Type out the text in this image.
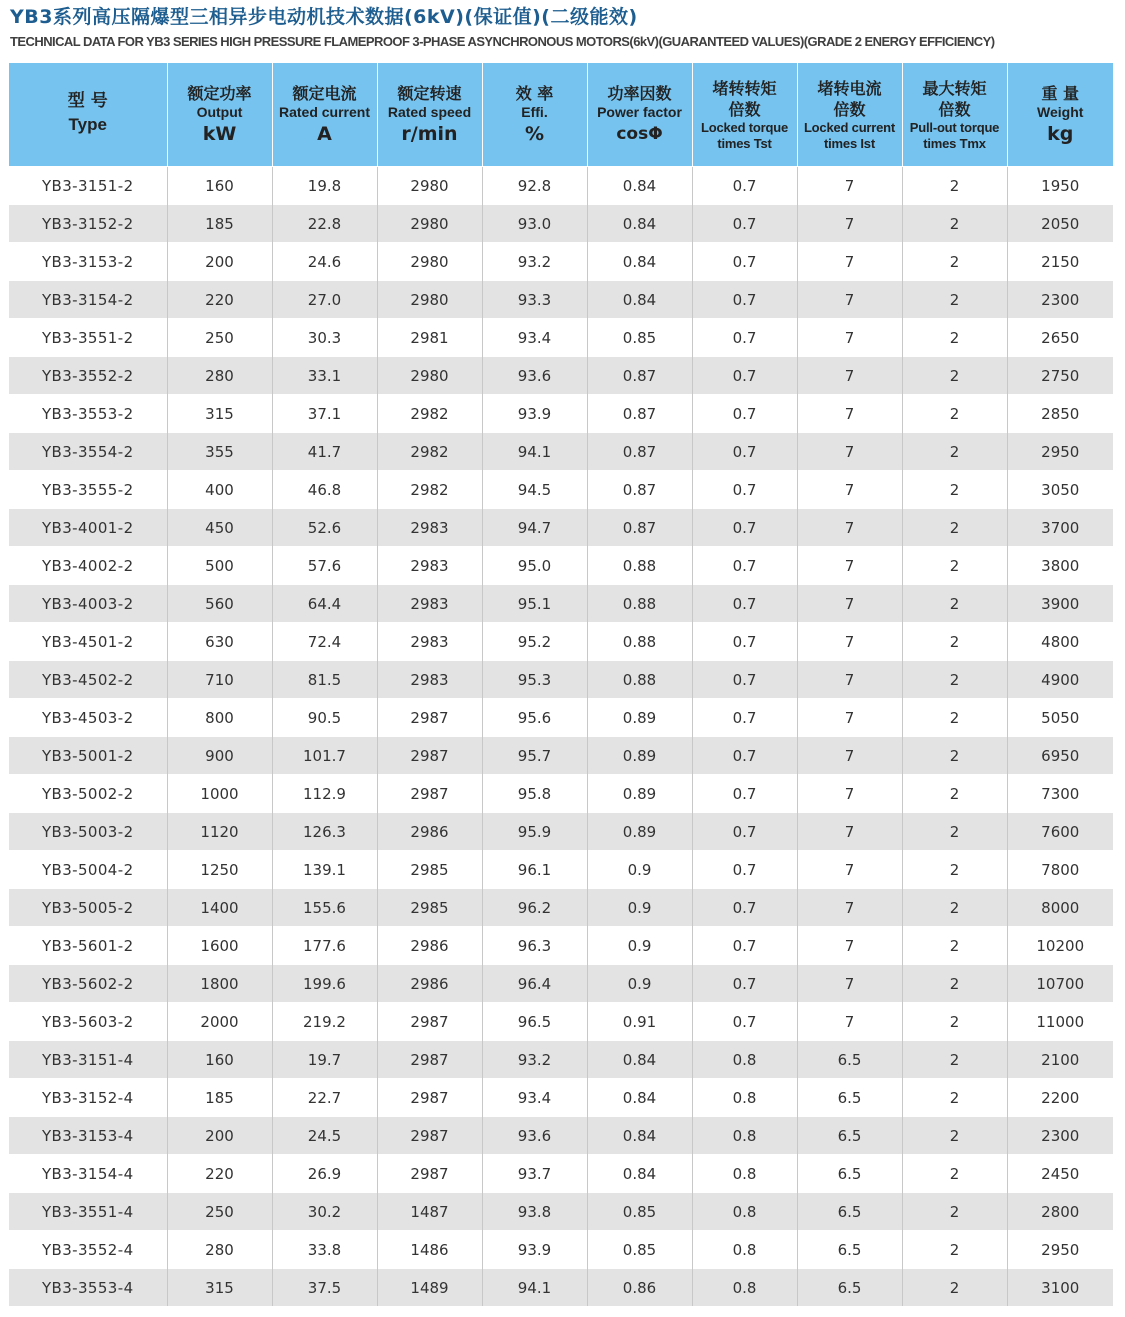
YB3系列高压隔爆型三相异步电动机技术数据(6kV)(保证值)(二级能效)
TECHNICAL DATA FOR YB3 SERIES HIGH PRESSURE FLAMEPROOF 3-PHASE ASYNCHRONOUS MOTORS(6kV)(GUARANTEED VALUES)(GRADE 2 ENERGY EFFICIENCY)
型 号
Type	额定功率
Output
kW	额定电流
Rated current
A	额定转速
Rated speed
r/min	效 率
Effi.
%	功率因数
Power factor
cosΦ	堵转转矩
倍数
Locked torque
times Tst	堵转电流
倍数
Locked current
times Ist	最大转矩
倍数
Pull-out torque
times Tmx	重 量
Weight
kg

YB3-3151-2	160	19.8	2980	92.8	0.84	0.7	7	2	1950
YB3-3152-2	185	22.8	2980	93.0	0.84	0.7	7	2	2050
YB3-3153-2	200	24.6	2980	93.2	0.84	0.7	7	2	2150
YB3-3154-2	220	27.0	2980	93.3	0.84	0.7	7	2	2300
YB3-3551-2	250	30.3	2981	93.4	0.85	0.7	7	2	2650
YB3-3552-2	280	33.1	2980	93.6	0.87	0.7	7	2	2750
YB3-3553-2	315	37.1	2982	93.9	0.87	0.7	7	2	2850
YB3-3554-2	355	41.7	2982	94.1	0.87	0.7	7	2	2950
YB3-3555-2	400	46.8	2982	94.5	0.87	0.7	7	2	3050
YB3-4001-2	450	52.6	2983	94.7	0.87	0.7	7	2	3700
YB3-4002-2	500	57.6	2983	95.0	0.88	0.7	7	2	3800
YB3-4003-2	560	64.4	2983	95.1	0.88	0.7	7	2	3900
YB3-4501-2	630	72.4	2983	95.2	0.88	0.7	7	2	4800
YB3-4502-2	710	81.5	2983	95.3	0.88	0.7	7	2	4900
YB3-4503-2	800	90.5	2987	95.6	0.89	0.7	7	2	5050
YB3-5001-2	900	101.7	2987	95.7	0.89	0.7	7	2	6950
YB3-5002-2	1000	112.9	2987	95.8	0.89	0.7	7	2	7300
YB3-5003-2	1120	126.3	2986	95.9	0.89	0.7	7	2	7600
YB3-5004-2	1250	139.1	2985	96.1	0.9	0.7	7	2	7800
YB3-5005-2	1400	155.6	2985	96.2	0.9	0.7	7	2	8000
YB3-5601-2	1600	177.6	2986	96.3	0.9	0.7	7	2	10200
YB3-5602-2	1800	199.6	2986	96.4	0.9	0.7	7	2	10700
YB3-5603-2	2000	219.2	2987	96.5	0.91	0.7	7	2	11000
YB3-3151-4	160	19.7	2987	93.2	0.84	0.8	6.5	2	2100
YB3-3152-4	185	22.7	2987	93.4	0.84	0.8	6.5	2	2200
YB3-3153-4	200	24.5	2987	93.6	0.84	0.8	6.5	2	2300
YB3-3154-4	220	26.9	2987	93.7	0.84	0.8	6.5	2	2450
YB3-3551-4	250	30.2	1487	93.8	0.85	0.8	6.5	2	2800
YB3-3552-4	280	33.8	1486	93.9	0.85	0.8	6.5	2	2950
YB3-3553-4	315	37.5	1489	94.1	0.86	0.8	6.5	2	3100
